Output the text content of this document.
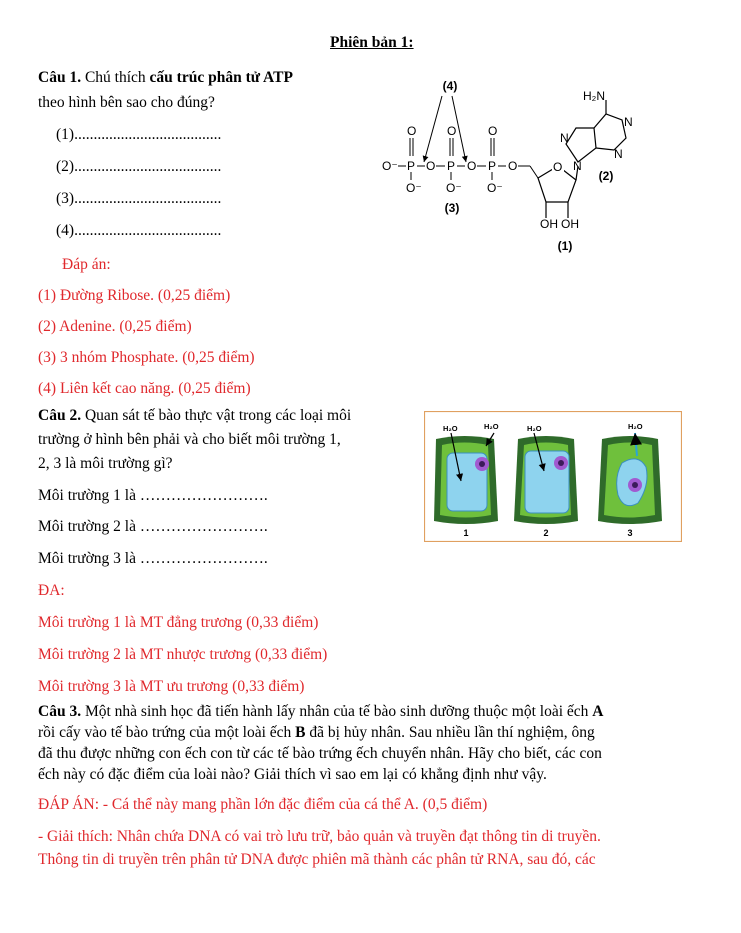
Phiên bản 1:
Câu 1. Chú thích cấu trúc phân tử ATP
theo hình bên sao cho đúng?
(1)......................................
(2)......................................
(3)......................................
(4)......................................
Đáp án:
(1) Đường Ribose. (0,25 điểm)
(2) Adenine. (0,25 điểm)
(3) 3 nhóm Phosphate. (0,25 điểm)
(4) Liên kết cao năng. (0,25 điểm)
(4)
O⁻ P
O
O⁻
O P
O
O⁻
O P
O
O⁻
O
(3)
O
OH OH
(1)
N
N
N
N
H₂N
(2)
Câu 2. Quan sát tế bào thực vật trong các loại môi
trường ở hình bên phải và cho biết môi trường 1,
2, 3 là môi trường gì?
Môi trường 1 là …………………….
Môi trường 2 là …………………….
Môi trường 3 là …………………….
ĐA:
Môi trường 1 là MT đẳng trương (0,33 điểm)
Môi trường 2 là MT nhược trương (0,33 điểm)
Môi trường 3 là MT ưu trương (0,33 điểm)
H₂O	H₂O	H₂O	H₂O
1	2	3
Câu 3. Một nhà sinh học đã tiến hành lấy nhân của tế bào sinh dưỡng thuộc một loài ếch A
rồi cấy vào tế bào trứng của một loài ếch B đã bị hủy nhân. Sau nhiều lần thí nghiệm, ông
đã thu được những con ếch con từ các tế bào trứng ếch chuyển nhân. Hãy cho biết, các con
ếch này có đặc điểm của loài nào? Giải thích vì sao em lại có khẳng định như vậy.
ĐÁP ÁN: - Cá thể này mang phần lớn đặc điểm của cá thể A. (0,5 điểm)
- Giải thích: Nhân chứa DNA có vai trò lưu trữ, bảo quản và truyền đạt thông tin di truyền.
Thông tin di truyền trên phân tử DNA được phiên mã thành các phân tử RNA, sau đó, các
